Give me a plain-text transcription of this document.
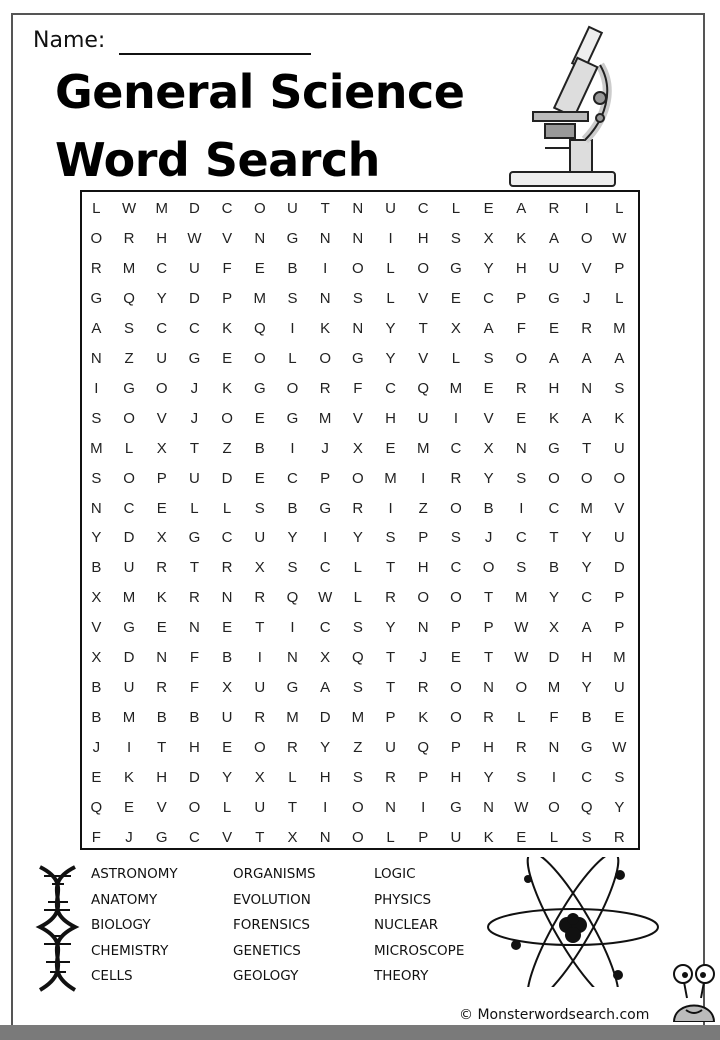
Name:
General Science
Word Search
L	W	M	D	C	O	U	T	N	U	C	L	E	A	R	I	L
O	R	H	W	V	N	G	N	N	I	H	S	X	K	A	O	W
R	M	C	U	F	E	B	I	O	L	O	G	Y	H	U	V	P
G	Q	Y	D	P	M	S	N	S	L	V	E	C	P	G	J	L
A	S	C	C	K	Q	I	K	N	Y	T	X	A	F	E	R	M
N	Z	U	G	E	O	L	O	G	Y	V	L	S	O	A	A	A
I	G	O	J	K	G	O	R	F	C	Q	M	E	R	H	N	S
S	O	V	J	O	E	G	M	V	H	U	I	V	E	K	A	K
M	L	X	T	Z	B	I	J	X	E	M	C	X	N	G	T	U
S	O	P	U	D	E	C	P	O	M	I	R	Y	S	O	O	O
N	C	E	L	L	S	B	G	R	I	Z	O	B	I	C	M	V
Y	D	X	G	C	U	Y	I	Y	S	P	S	J	C	T	Y	U
B	U	R	T	R	X	S	C	L	T	H	C	O	S	B	Y	D
X	M	K	R	N	R	Q	W	L	R	O	O	T	M	Y	C	P
V	G	E	N	E	T	I	C	S	Y	N	P	P	W	X	A	P
X	D	N	F	B	I	N	X	Q	T	J	E	T	W	D	H	M
B	U	R	F	X	U	G	A	S	T	R	O	N	O	M	Y	U
B	M	B	B	U	R	M	D	M	P	K	O	R	L	F	B	E
J	I	T	H	E	O	R	Y	Z	U	Q	P	H	R	N	G	W
E	K	H	D	Y	X	L	H	S	R	P	H	Y	S	I	C	S
Q	E	V	O	L	U	T	I	O	N	I	G	N	W	O	Q	Y
F	J	G	C	V	T	X	N	O	L	P	U	K	E	L	S	R
ASTRONOMY
ANATOMY
BIOLOGY
CHEMISTRY
CELLS
ORGANISMS
EVOLUTION
FORENSICS
GENETICS
GEOLOGY
LOGIC
PHYSICS
NUCLEAR
MICROSCOPE
THEORY
© Monsterwordsearch.com
